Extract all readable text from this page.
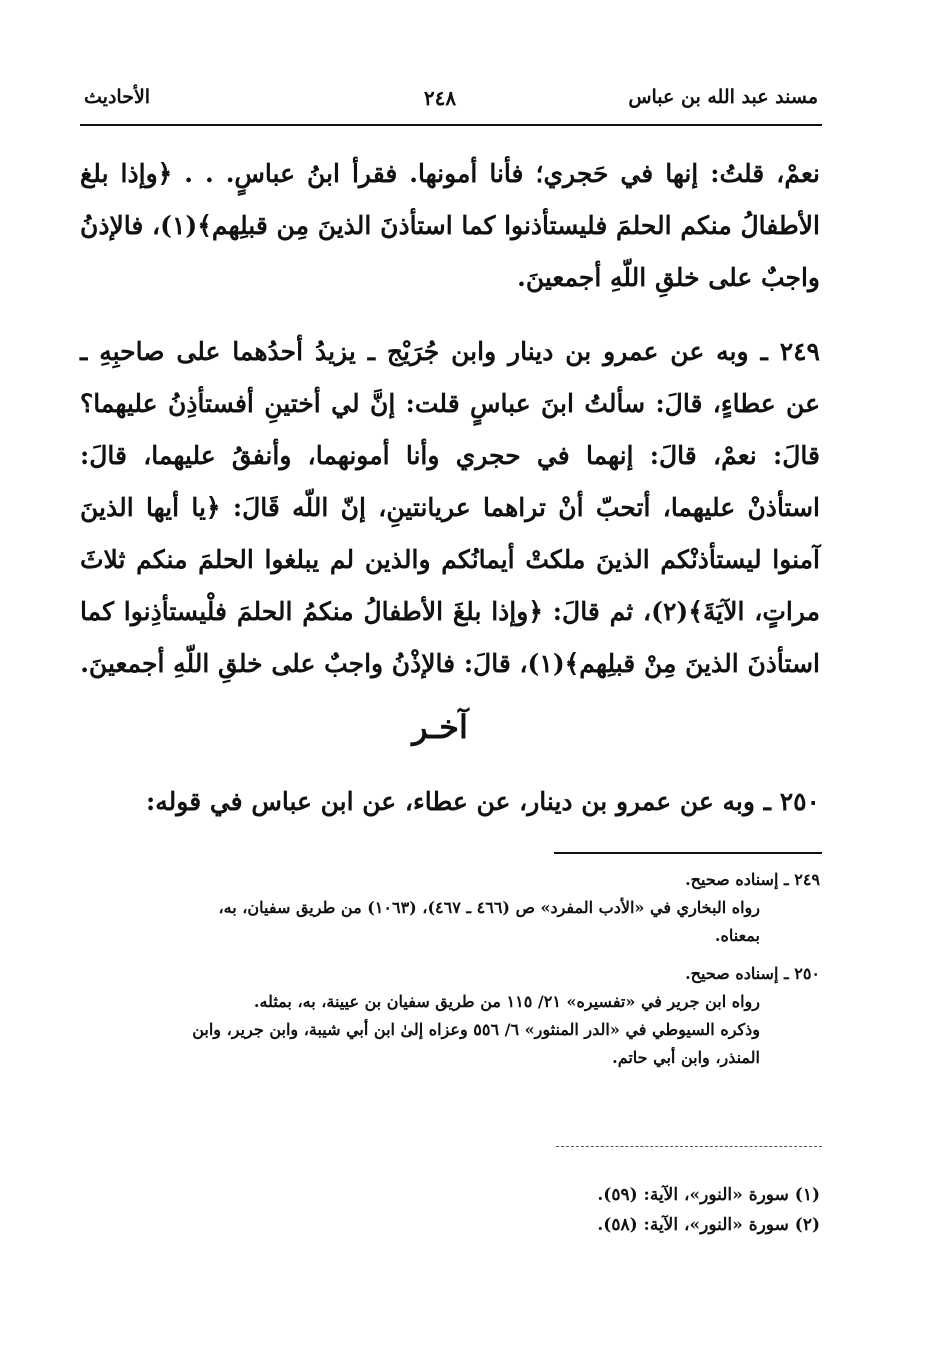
مسند عبد الله بن عباس
٢٤٨
الأحاديث
نعمْ، قلتُ: إنها في حَجري؛ فأنا أمونها. فقرأ ابنُ عباسٍ. . . ﴿وإذا بلغ
الأطفالُ منكم الحلمَ فليستأذنوا كما استأذنَ الذينَ مِن قبلِهم﴾(١)، فالإذنُ
واجبٌ على خلقِ اللّهِ أجمعينَ.
٢٤٩ ـ وبه عن عمرو بن دينار وابن جُرَيْج ـ يزيدُ أحدُهما على صاحبِهِ ـ
عن عطاءٍ، قالَ: سألتُ ابنَ عباسٍ قلت: إنَّ لي أختينِ أفستأذِنُ عليهما؟
قالَ: نعمْ، قالَ: إنهما في حجري وأنا أمونهما، وأنفقُ عليهما، قالَ:
استأذنْ عليهما، أتحبّ أنْ تراهما عريانتينِ، إنّ اللّه قَالَ: ﴿يا أيها الذينَ
آمنوا ليستأذنْكم الذينَ ملكتْ أيمانُكم والذين لم يبلغوا الحلمَ منكم ثلاثَ
مراتٍ، الآيَةَ﴾(٢)، ثم قالَ: ﴿وإذا بلغَ الأطفالُ منكمُ الحلمَ فلْيستأذِنوا كما
استأذنَ الذينَ مِنْ قبلِهم﴾(١)، قالَ: فالإذْنُ واجبٌ على خلقِ اللّهِ أجمعينَ.
آخـر
٢٥٠ ـ وبه عن عمرو بن دينار، عن عطاء، عن ابن عباس في قوله:
٢٤٩ ـ إسناده صحيح.
رواه البخاري في «الأدب المفرد» ص (٤٦٦ ـ ٤٦٧)، (١٠٦٣) من طريق سفيان، به،
بمعناه.
٢٥٠ ـ إسناده صحيح.
رواه ابن جرير في «تفسيره» ٢١/ ١١٥ من طريق سفيان بن عيينة، به، بمثله.
وذكره السيوطي في «الدر المنثور» ٦/ ٥٥٦ وعزاه إلىٰ ابن أبي شيبة، وابن جرير، وابن
المنذر، وابن أبي حاتم.
(١) سورة «النور»، الآية: (٥٩).
(٢) سورة «النور»، الآية: (٥٨).
